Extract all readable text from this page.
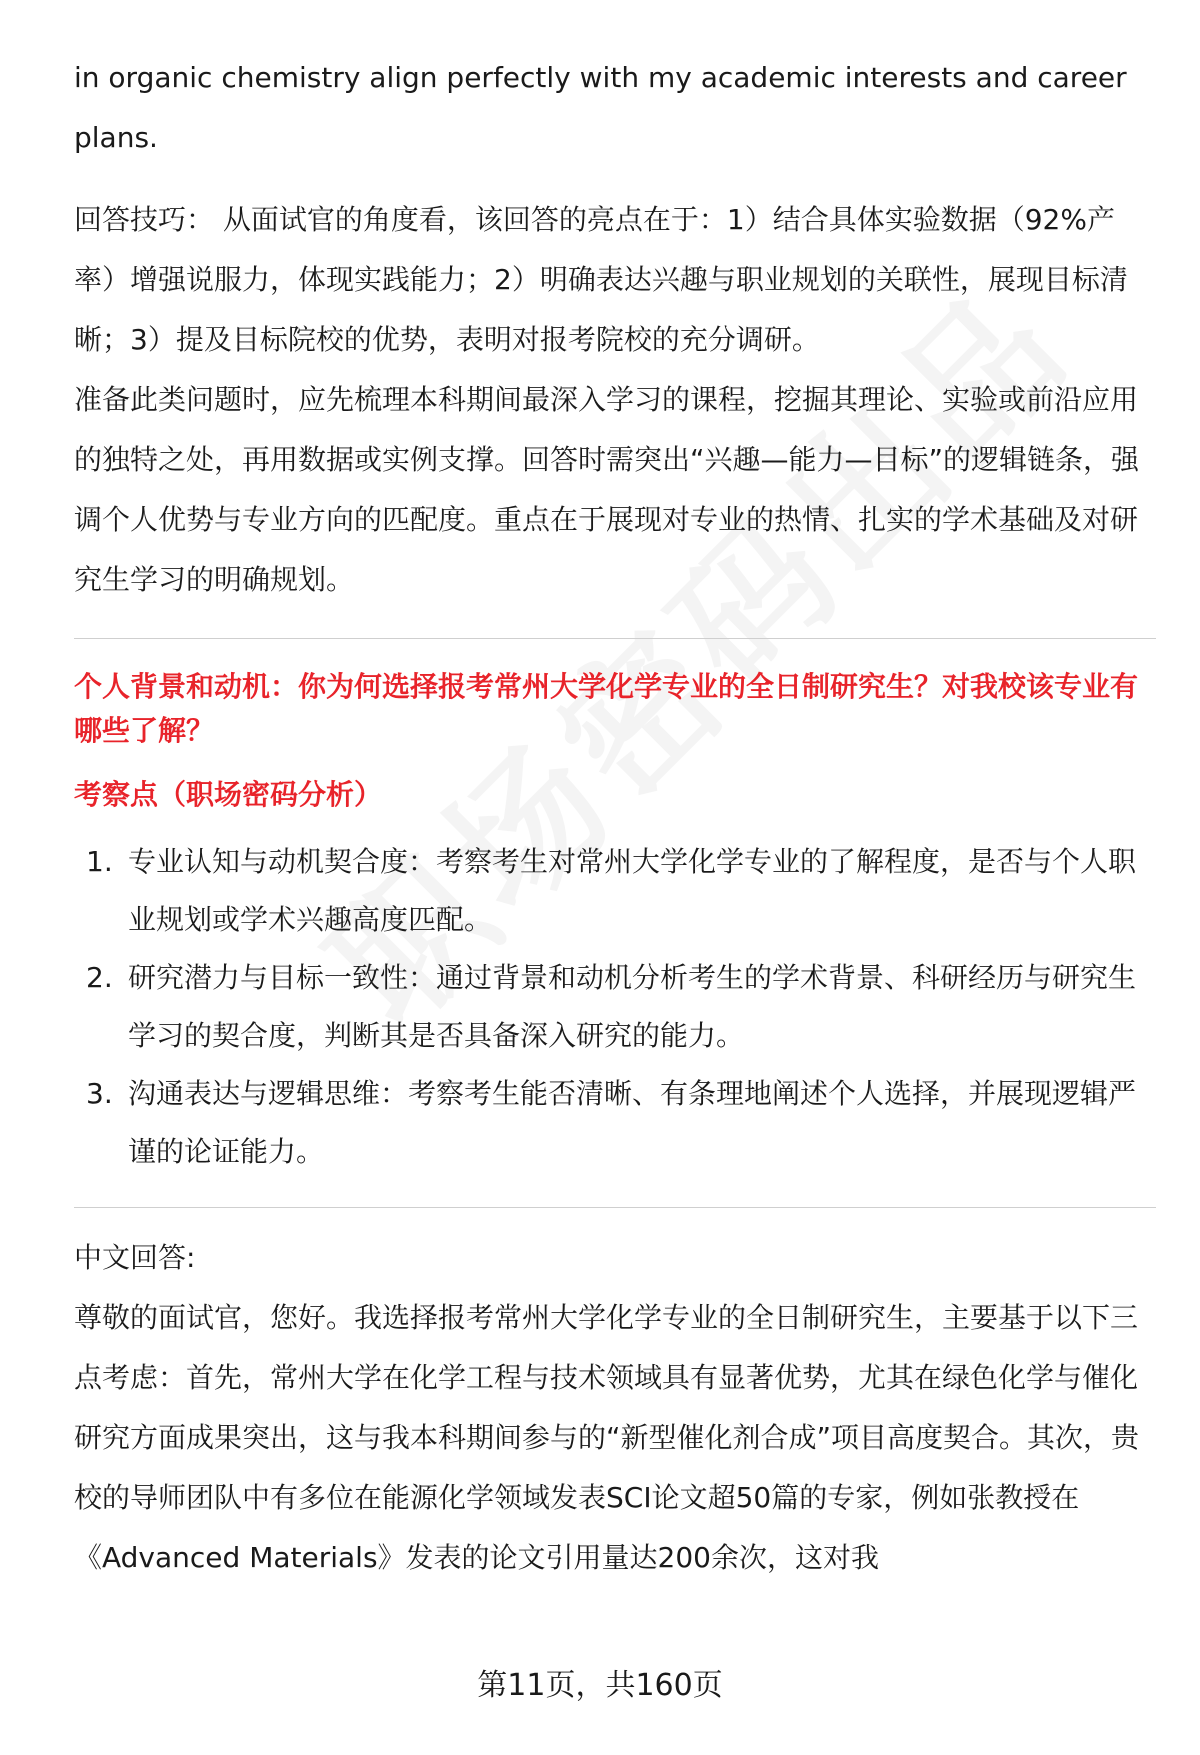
in organic chemistry align perfectly with my academic interests and career plans.

回答技巧： 从面试官的角度看，该回答的亮点在于：1）结合具体实验数据（92%产率）增强说服力，体现实践能力；2）明确表达兴趣与职业规划的关联性，展现目标清晰；3）提及目标院校的优势，表明对报考院校的充分调研。

准备此类问题时，应先梳理本科期间最深入学习的课程，挖掘其理论、实验或前沿应用的独特之处，再用数据或实例支撑。回答时需突出“兴趣—能力—目标”的逻辑链条，强调个人优势与专业方向的匹配度。重点在于展现对专业的热情、扎实的学术基础及对研究生学习的明确规划。

个人背景和动机：你为何选择报考常州大学化学专业的全日制研究生？对我校该专业有哪些了解？
考察点（职场密码分析）
1. 专业认知与动机契合度：考察考生对常州大学化学专业的了解程度，是否与个人职业规划或学术兴趣高度匹配。
2. 研究潜力与目标一致性：通过背景和动机分析考生的学术背景、科研经历与研究生学习的契合度，判断其是否具备深入研究的能力。
3. 沟通表达与逻辑思维：考察考生能否清晰、有条理地阐述个人选择，并展现逻辑严谨的论证能力。

中文回答:

尊敬的面试官，您好。我选择报考常州大学化学专业的全日制研究生，主要基于以下三点考虑：首先，常州大学在化学工程与技术领域具有显著优势，尤其在绿色化学与催化研究方面成果突出，这与我本科期间参与的“新型催化剂合成”项目高度契合。其次，贵校的导师团队中有多位在能源化学领域发表SCI论文超50篇的专家，例如张教授在《Advanced Materials》发表的论文引用量达200余次，这对我

第11页，共160页
